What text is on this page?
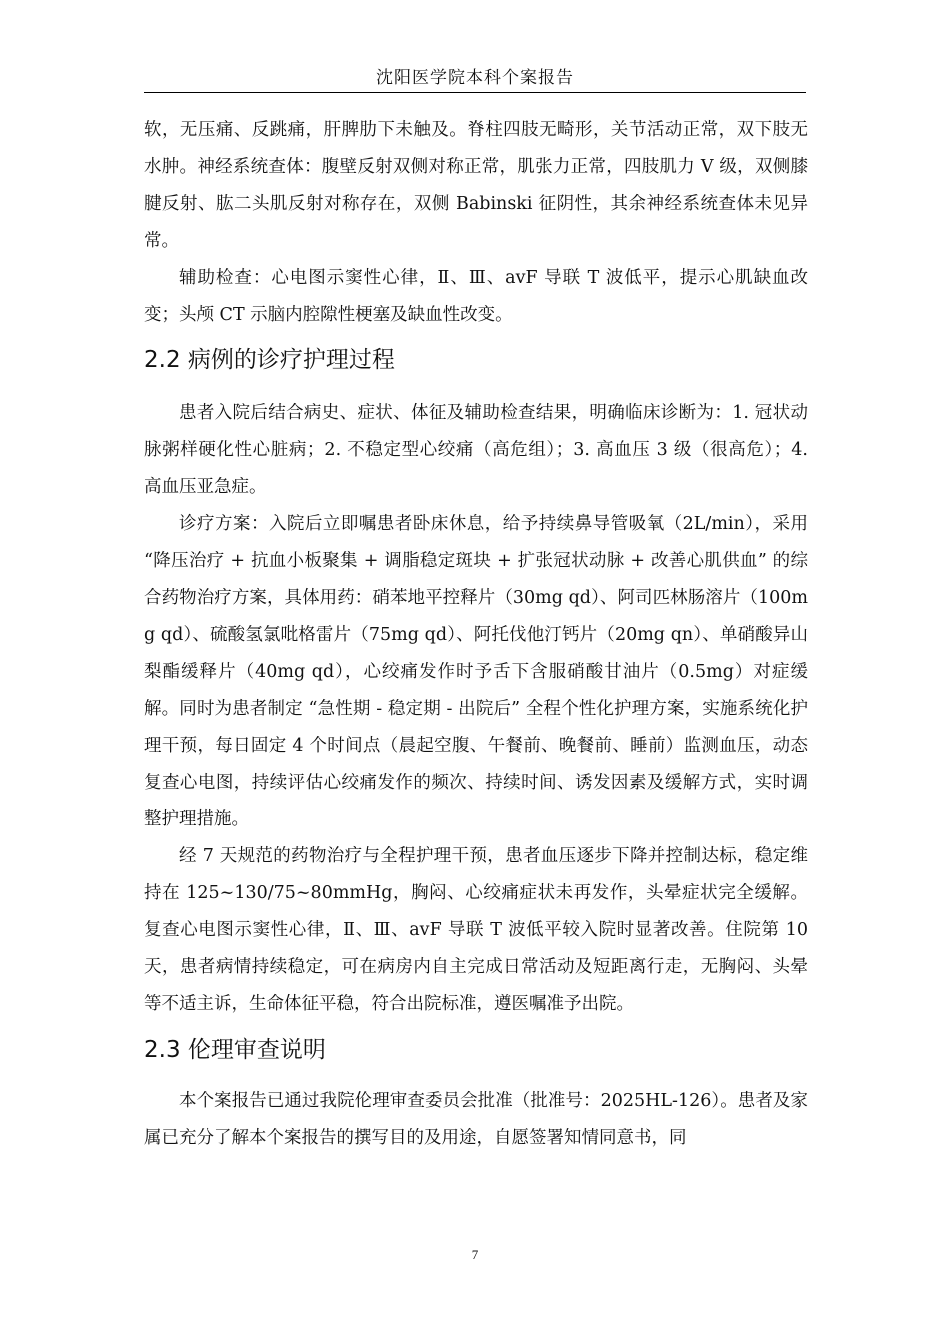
沈阳医学院本科个案报告

软，无压痛、反跳痛，肝脾肋下未触及。脊柱四肢无畸形，关节活动正常，双下肢无水肿。神经系统查体：腹壁反射双侧对称正常，肌张力正常，四肢肌力 V 级，双侧膝腱反射、肱二头肌反射对称存在，双侧 Babinski 征阴性，其余神经系统查体未见异常。

辅助检查：心电图示窦性心律，Ⅱ、Ⅲ、avF 导联 T 波低平，提示心肌缺血改变；头颅 CT 示脑内腔隙性梗塞及缺血性改变。

2.2 病例的诊疗护理过程

患者入院后结合病史、症状、体征及辅助检查结果，明确临床诊断为：1. 冠状动脉粥样硬化性心脏病；2. 不稳定型心绞痛（高危组）；3. 高血压 3 级（很高危）；4. 高血压亚急症。

诊疗方案：入院后立即嘱患者卧床休息，给予持续鼻导管吸氧（2L/min），采用 “降压治疗 + 抗血小板聚集 + 调脂稳定斑块 + 扩张冠状动脉 + 改善心肌供血” 的综合药物治疗方案，具体用药：硝苯地平控释片（30mg qd）、阿司匹林肠溶片（100mg qd）、硫酸氢氯吡格雷片（75mg qd）、阿托伐他汀钙片（20mg qn）、单硝酸异山梨酯缓释片（40mg qd），心绞痛发作时予舌下含服硝酸甘油片（0.5mg）对症缓解。同时为患者制定 “急性期 - 稳定期 - 出院后” 全程个性化护理方案，实施系统化护理干预，每日固定 4 个时间点（晨起空腹、午餐前、晚餐前、睡前）监测血压，动态复查心电图，持续评估心绞痛发作的频次、持续时间、诱发因素及缓解方式，实时调整护理措施。

经 7 天规范的药物治疗与全程护理干预，患者血压逐步下降并控制达标，稳定维持在 125~130/75~80mmHg，胸闷、心绞痛症状未再发作，头晕症状完全缓解。复查心电图示窦性心律，Ⅱ、Ⅲ、avF 导联 T 波低平较入院时显著改善。住院第 10 天，患者病情持续稳定，可在病房内自主完成日常活动及短距离行走，无胸闷、头晕等不适主诉，生命体征平稳，符合出院标准，遵医嘱准予出院。

2.3 伦理审查说明

本个案报告已通过我院伦理审查委员会批准（批准号：2025HL-126）。患者及家属已充分了解本个案报告的撰写目的及用途，自愿签署知情同意书，同

7
